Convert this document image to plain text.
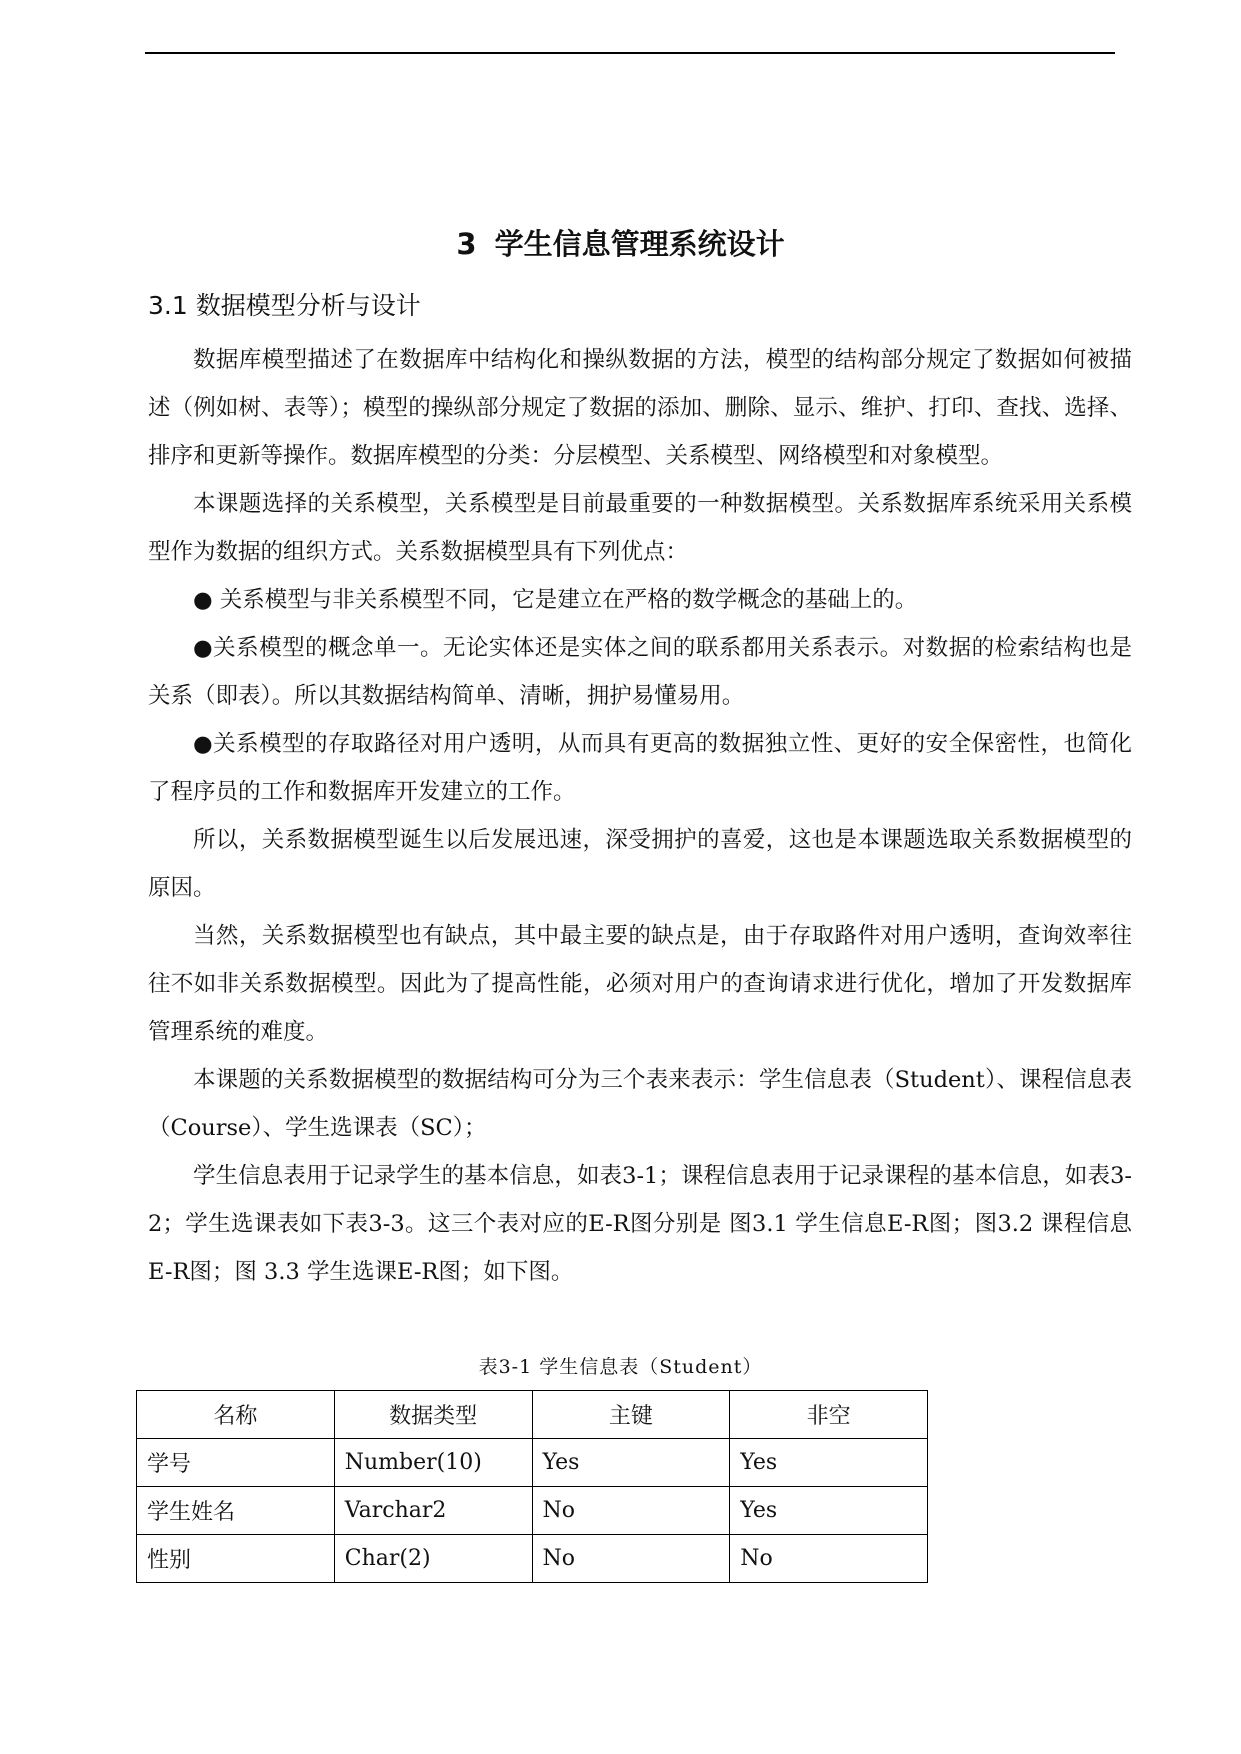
3 学生信息管理系统设计
3.1 数据模型分析与设计

数据库模型描述了在数据库中结构化和操纵数据的方法，模型的结构部分规定了数据如何被描述（例如树、表等）；模型的操纵部分规定了数据的添加、删除、显示、维护、打印、查找、选择、排序和更新等操作。数据库模型的分类：分层模型、关系模型、网络模型和对象模型。

本课题选择的关系模型，关系模型是目前最重要的一种数据模型。关系数据库系统采用关系模型作为数据的组织方式。关系数据模型具有下列优点：

● 关系模型与非关系模型不同，它是建立在严格的数学概念的基础上的。

●关系模型的概念单一。无论实体还是实体之间的联系都用关系表示。对数据的检索结构也是关系（即表）。所以其数据结构简单、清晰，拥护易懂易用。

●关系模型的存取路径对用户透明，从而具有更高的数据独立性、更好的安全保密性，也简化了程序员的工作和数据库开发建立的工作。

所以，关系数据模型诞生以后发展迅速，深受拥护的喜爱，这也是本课题选取关系数据模型的原因。

当然，关系数据模型也有缺点，其中最主要的缺点是，由于存取路件对用户透明，查询效率往往不如非关系数据模型。因此为了提高性能，必须对用户的查询请求进行优化，增加了开发数据库管理系统的难度。

本课题的关系数据模型的数据结构可分为三个表来表示：学生信息表（Student）、课程信息表（Course）、学生选课表（SC）；

学生信息表用于记录学生的基本信息，如表3-1；课程信息表用于记录课程的基本信息，如表3-2；学生选课表如下表3-3。这三个表对应的E-R图分别是 图3.1 学生信息E-R图；图3.2 课程信息E-R图；图 3.3 学生选课E-R图；如下图。

表3-1 学生信息表（Student）
名称	数据类型	主键	非空
学号	Number(10)	Yes	Yes
学生姓名	Varchar2	No	Yes
性别	Char(2)	No	No
